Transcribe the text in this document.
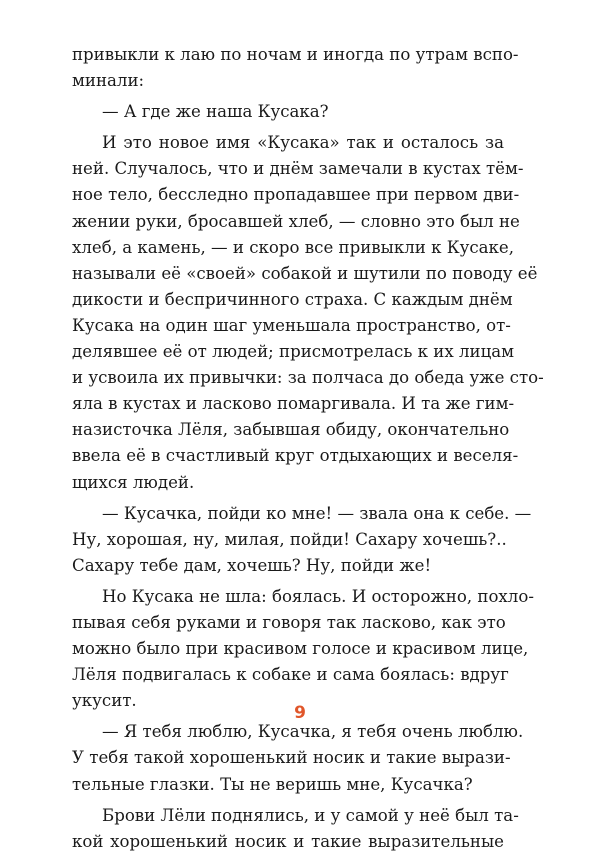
привыкли к лаю по ночам и иногда по утрам вспо-
минали:
— А где же наша Кусака?
И это новое имя «Кусака» так и осталось за
ней. Случалось, что и днём замечали в кустах тём-
ное тело, бесследно пропадавшее при первом дви-
жении руки, бросавшей хлеб, — словно это был не
хлеб, а камень, — и скоро все привыкли к Кусаке,
называли её «своей» собакой и шутили по поводу её
дикости и беспричинного страха. С каждым днём
Кусака на один шаг уменьшала пространство, от-
делявшее её от людей; присмотрелась к их лицам
и усвоила их привычки: за полчаса до обеда уже сто-
яла в кустах и ласково помаргивала. И та же гим-
назисточка Лёля, забывшая обиду, окончательно
ввела её в счастливый круг отдыхающих и веселя-
щихся людей.
— Кусачка, пойди ко мне! — звала она к себе. —
Ну, хорошая, ну, милая, пойди! Сахару хочешь?..
Сахару тебе дам, хочешь? Ну, пойди же!
Но Кусака не шла: боялась. И осторожно, похло-
пывая себя руками и говоря так ласково, как это
можно было при красивом голосе и красивом лице,
Лёля подвигалась к собаке и сама боялась: вдруг
укусит.
— Я тебя люблю, Кусачка, я тебя очень люблю.
У тебя такой хорошенький носик и такие вырази-
тельные глазки. Ты не веришь мне, Кусачка?
Брови Лёли поднялись, и у самой у неё был та-
кой хорошенький носик и такие выразительные
9
